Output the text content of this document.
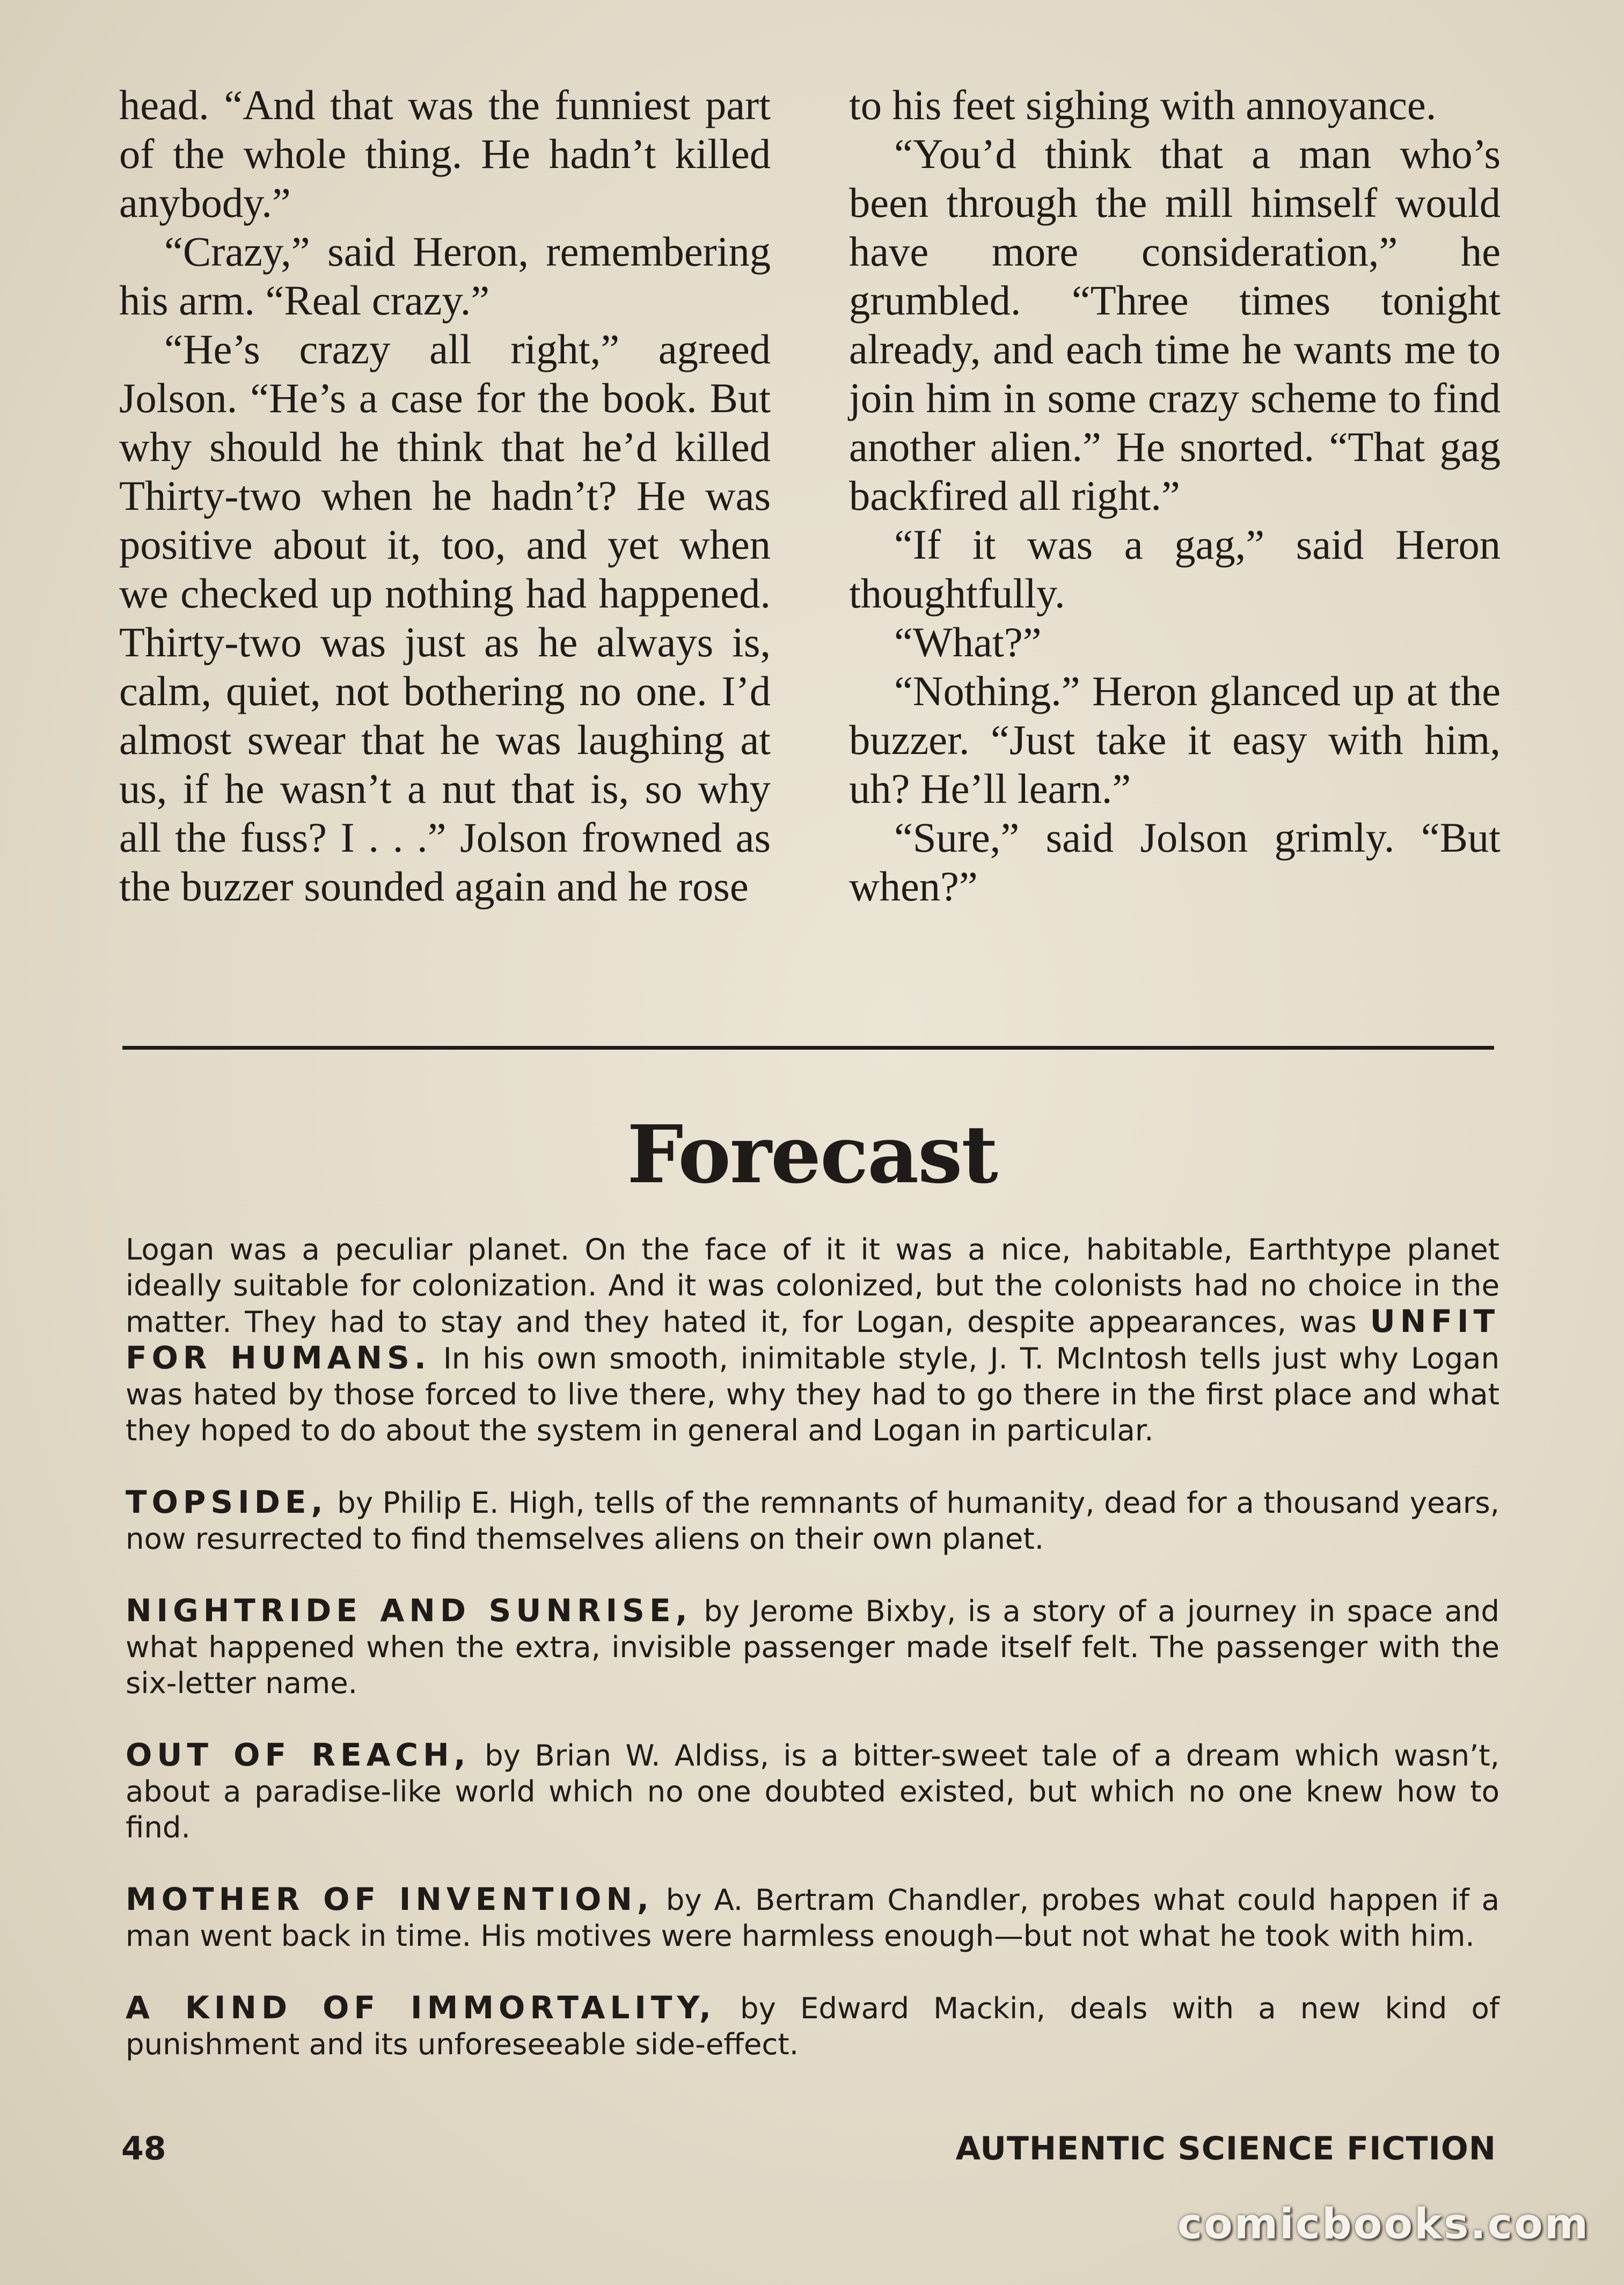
head. “And that was the funniest part of the whole thing. He hadn’t killed anybody.”

“Crazy,” said Heron, remembering his arm. “Real crazy.”

“He’s crazy all right,” agreed Jolson. “He’s a case for the book. But why should he think that he’d killed Thirty-two when he hadn’t? He was positive about it, too, and yet when we checked up nothing had happened. Thirty-two was just as he always is, calm, quiet, not bothering no one. I’d almost swear that he was laughing at us, if he wasn’t a nut that is, so why all the fuss? I . . .” Jolson frowned as the buzzer sounded again and he rose

to his feet sighing with annoyance.

“You’d think that a man who’s been through the mill himself would have more consideration,” he grumbled. “Three times tonight already, and each time he wants me to join him in some crazy scheme to find another alien.” He snorted. “That gag backfired all right.”

“If it was a gag,” said Heron thoughtfully.

“What?”

“Nothing.” Heron glanced up at the buzzer. “Just take it easy with him, uh? He’ll learn.”

“Sure,” said Jolson grimly. “But when?”

Forecast

Logan was a peculiar planet. On the face of it it was a nice, habitable, Earthtype planet ideally suitable for colonization. And it was colonized, but the colonists had no choice in the matter. They had to stay and they hated it, for Logan, despite appearances, was UNFIT FOR HUMANS. In his own smooth, inimitable style, J. T. McIntosh tells just why Logan was hated by those forced to live there, why they had to go there in the first place and what they hoped to do about the system in general and Logan in particular.

TOPSIDE, by Philip E. High, tells of the remnants of humanity, dead for a thousand years, now resurrected to find themselves aliens on their own planet.

NIGHTRIDE AND SUNRISE, by Jerome Bixby, is a story of a journey in space and what happened when the extra, invisible passenger made itself felt. The passenger with the six-letter name.

OUT OF REACH, by Brian W. Aldiss, is a bitter-sweet tale of a dream which wasn’t, about a paradise-like world which no one doubted existed, but which no one knew how to find.

MOTHER OF INVENTION, by A. Bertram Chandler, probes what could happen if a man went back in time. His motives were harmless enough—but not what he took with him.

A KIND OF IMMORTALITY, by Edward Mackin, deals with a new kind of punishment and its unforeseeable side-effect.

48	AUTHENTIC SCIENCE FICTION
comicbooks.com
